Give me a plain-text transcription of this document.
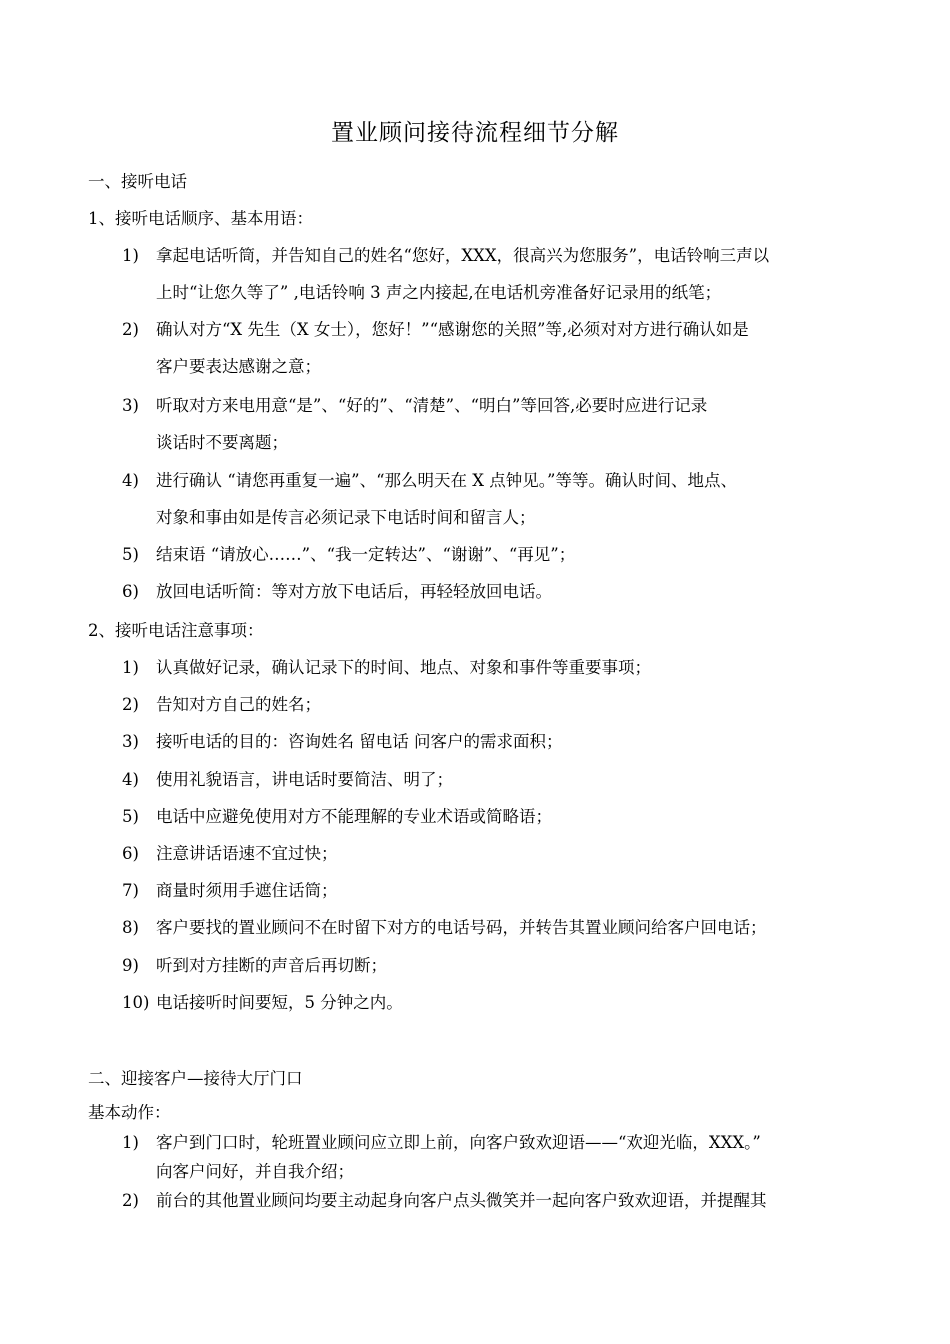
置业顾问接待流程细节分解
一、接听电话
1、接听电话顺序、基本用语：
1) 拿起电话听筒，并告知自己的姓名“您好，XXX，很高兴为您服务”，电话铃响三声以
上时“让您久等了” ,电话铃响 3 声之内接起,在电话机旁准备好记录用的纸笔；
2) 确认对方“X 先生（X 女士），您好！”“感谢您的关照”等,必须对对方进行确认如是
客户要表达感谢之意；
3) 听取对方来电用意“是”、“好的”、“清楚”、“明白”等回答,必要时应进行记录
谈话时不要离题；
4) 进行确认 “请您再重复一遍”、“那么明天在 X 点钟见。”等等。确认时间、地点、
对象和事由如是传言必须记录下电话时间和留言人；
5) 结束语 “请放心……”、“我一定转达”、“谢谢”、“再见”；
6) 放回电话听简：等对方放下电话后，再轻轻放回电话。
2、接听电话注意事项：
1) 认真做好记录，确认记录下的时间、地点、对象和事件等重要事项；
2) 告知对方自己的姓名；
3) 接听电话的目的：咨询姓名 留电话 问客户的需求面积；
4) 使用礼貌语言，讲电话时要简洁、明了；
5) 电话中应避免使用对方不能理解的专业术语或简略语；
6) 注意讲话语速不宜过快；
7) 商量时须用手遮住话筒；
8) 客户要找的置业顾问不在时留下对方的电话号码，并转告其置业顾问给客户回电话；
9) 听到对方挂断的声音后再切断；
10) 电话接听时间要短，5 分钟之内。
二、迎接客户—接待大厅门口
基本动作：
1) 客户到门口时，轮班置业顾问应立即上前，向客户致欢迎语——“欢迎光临，XXX。”
向客户问好，并自我介绍；
2) 前台的其他置业顾问均要主动起身向客户点头微笑并一起向客户致欢迎语，并提醒其
